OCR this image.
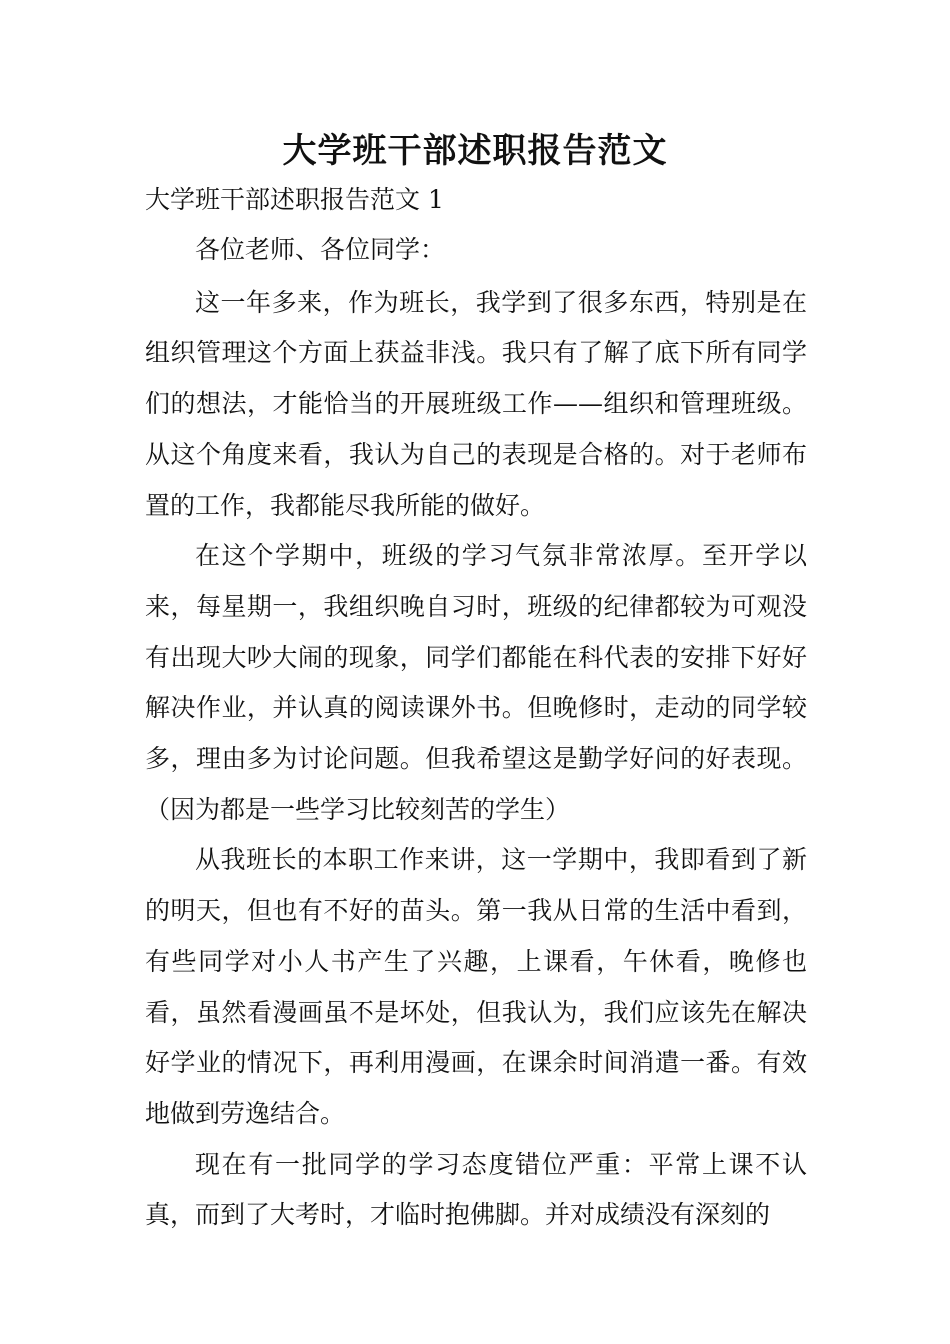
大学班干部述职报告范文

大学班干部述职报告范文 1

各位老师、各位同学：

这一年多来，作为班长，我学到了很多东西，特别是在组织管理这个方面上获益非浅。我只有了解了底下所有同学们的想法，才能恰当的开展班级工作——组织和管理班级。从这个角度来看，我认为自己的表现是合格的。对于老师布置的工作，我都能尽我所能的做好。

在这个学期中，班级的学习气氛非常浓厚。至开学以来，每星期一，我组织晚自习时，班级的纪律都较为可观没有出现大吵大闹的现象，同学们都能在科代表的安排下好好解决作业，并认真的阅读课外书。但晚修时，走动的同学较多，理由多为讨论问题。但我希望这是勤学好问的好表现。（因为都是一些学习比较刻苦的学生）

从我班长的本职工作来讲，这一学期中，我即看到了新的明天，但也有不好的苗头。第一我从日常的生活中看到，有些同学对小人书产生了兴趣，上课看，午休看，晚修也看，虽然看漫画虽不是坏处，但我认为，我们应该先在解决好学业的情况下，再利用漫画，在课余时间消遣一番。有效地做到劳逸结合。

现在有一批同学的学习态度错位严重：平常上课不认真，而到了大考时，才临时抱佛脚。并对成绩没有深刻的
